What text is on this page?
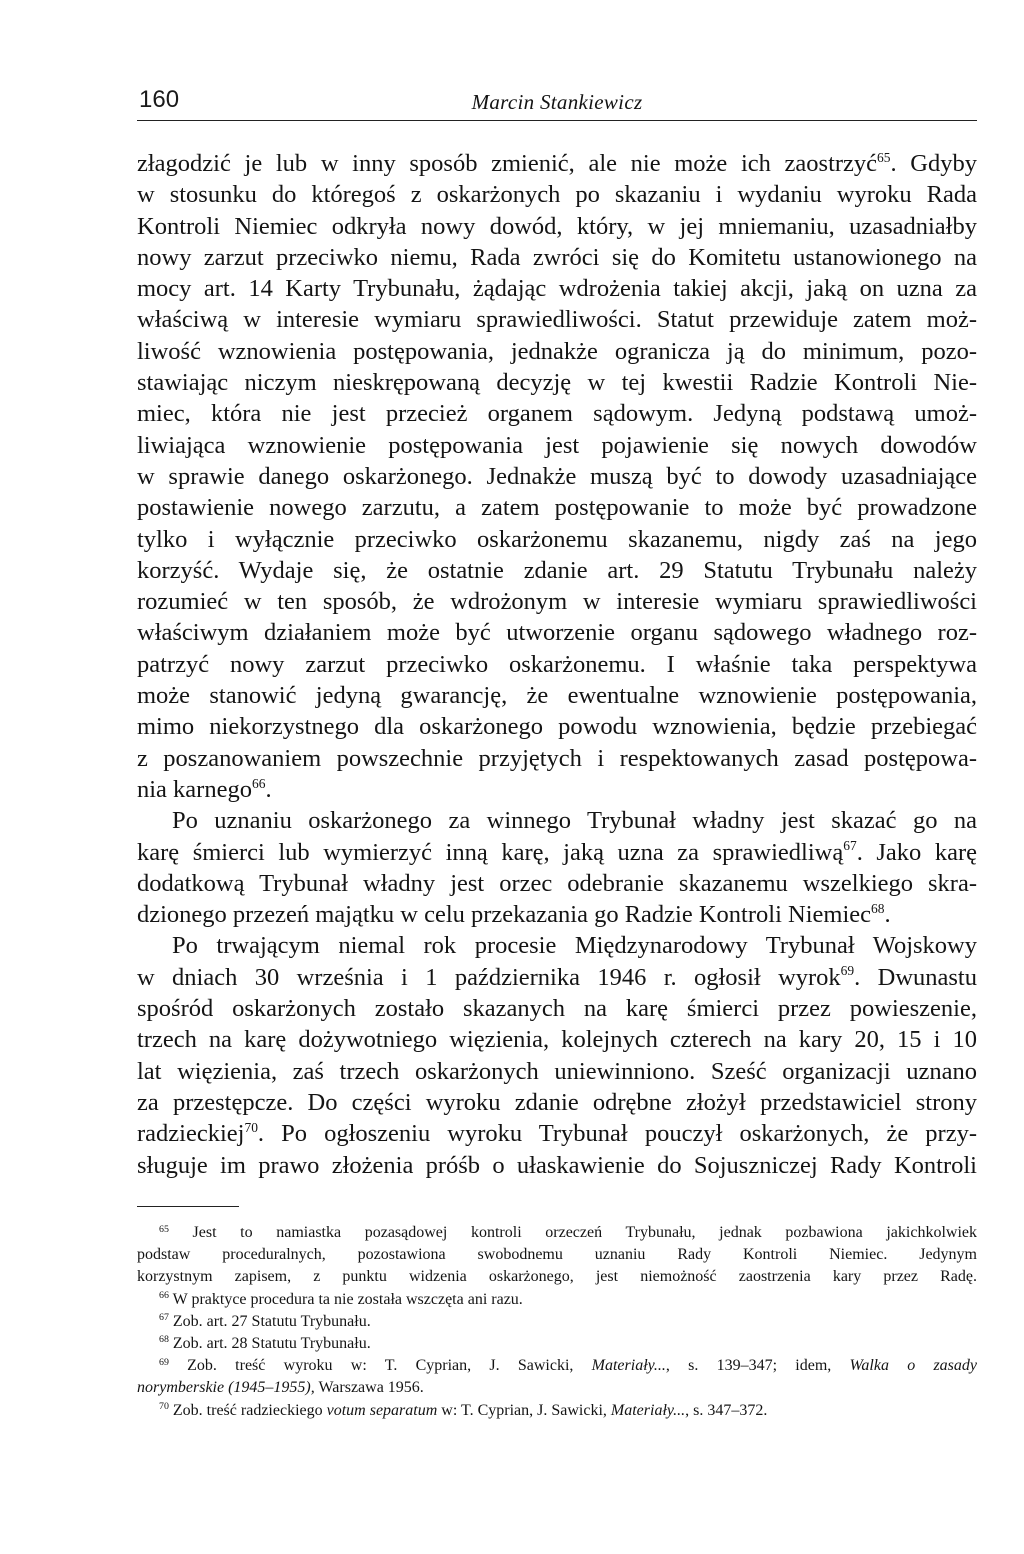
160	Marcin Stankiewicz
złagodzić je lub w inny sposób zmienić, ale nie może ich zaostrzyć$^{65}$. Gdyby
w stosunku do któregoś z oskarżonych po skazaniu i wydaniu wyroku Rada
Kontroli Niemiec odkryła nowy dowód, który, w jej mniemaniu, uzasadniałby
nowy zarzut przeciwko niemu, Rada zwróci się do Komitetu ustanowionego na
mocy art. 14 Karty Trybunału, żądając wdrożenia takiej akcji, jaką on uzna za
właściwą w interesie wymiaru sprawiedliwości. Statut przewiduje zatem moż-
liwość wznowienia postępowania, jednakże ogranicza ją do minimum, pozo-
stawiając niczym nieskrępowaną decyzję w tej kwestii Radzie Kontroli Nie-
miec, która nie jest przecież organem sądowym. Jedyną podstawą umoż-
liwiająca wznowienie postępowania jest pojawienie się nowych dowodów
w sprawie danego oskarżonego. Jednakże muszą być to dowody uzasadniające
postawienie nowego zarzutu, a zatem postępowanie to może być prowadzone
tylko i wyłącznie przeciwko oskarżonemu skazanemu, nigdy zaś na jego
korzyść. Wydaje się, że ostatnie zdanie art. 29 Statutu Trybunału należy
rozumieć w ten sposób, że wdrożonym w interesie wymiaru sprawiedliwości
właściwym działaniem może być utworzenie organu sądowego władnego roz-
patrzyć nowy zarzut przeciwko oskarżonemu. I właśnie taka perspektywa
może stanowić jedyną gwarancję, że ewentualne wznowienie postępowania,
mimo niekorzystnego dla oskarżonego powodu wznowienia, będzie przebiegać
z poszanowaniem powszechnie przyjętych i respektowanych zasad postępowa-
nia karnego$^{66}$.
Po uznaniu oskarżonego za winnego Trybunał władny jest skazać go na
karę śmierci lub wymierzyć inną karę, jaką uzna za sprawiedliwą$^{67}$. Jako karę
dodatkową Trybunał władny jest orzec odebranie skazanemu wszelkiego skra-
dzionego przezeń majątku w celu przekazania go Radzie Kontroli Niemiec$^{68}$.
Po trwającym niemal rok procesie Międzynarodowy Trybunał Wojskowy
w dniach 30 września i 1 października 1946 r. ogłosił wyrok$^{69}$. Dwunastu
spośród oskarżonych zostało skazanych na karę śmierci przez powieszenie,
trzech na karę dożywotniego więzienia, kolejnych czterech na kary 20, 15 i 10
lat więzienia, zaś trzech oskarżonych uniewinniono. Sześć organizacji uznano
za przestępcze. Do części wyroku zdanie odrębne złożył przedstawiciel strony
radzieckiej$^{70}$. Po ogłoszeniu wyroku Trybunał pouczył oskarżonych, że przy-
sługuje im prawo złożenia próśb o ułaskawienie do Sojuszniczej Rady Kontroli
$^{65}$ Jest to namiastka pozasądowej kontroli orzeczeń Trybunału, jednak pozbawiona jakichkolwiek
podstaw proceduralnych, pozostawiona swobodnemu uznaniu Rady Kontroli Niemiec. Jedynym
korzystnym zapisem, z punktu widzenia oskarżonego, jest niemożność zaostrzenia kary przez Radę.
$^{66}$ W praktyce procedura ta nie została wszczęta ani razu.
$^{67}$ Zob. art. 27 Statutu Trybunału.
$^{68}$ Zob. art. 28 Statutu Trybunału.
$^{69}$ Zob. treść wyroku w: T. Cyprian, J. Sawicki, Materiały..., s. 139–347; idem, Walka o zasady
norymberskie (1945–1955), Warszawa 1956.
$^{70}$ Zob. treść radzieckiego votum separatum w: T. Cyprian, J. Sawicki, Materiały..., s. 347–372.
